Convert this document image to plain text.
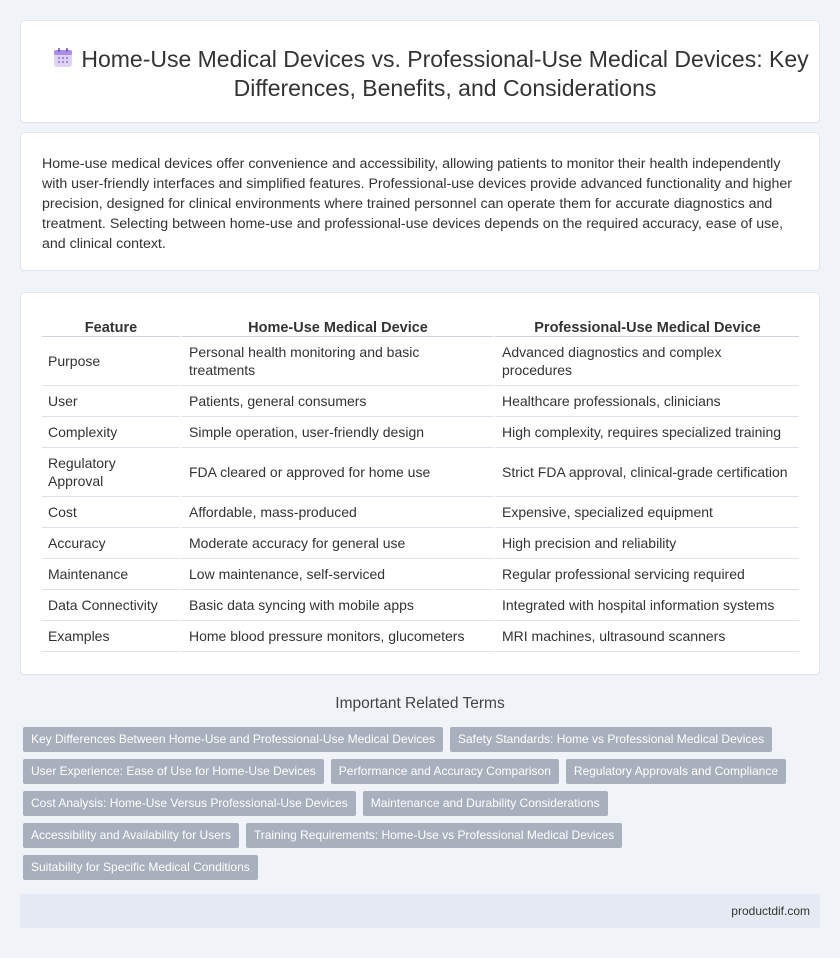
Home-Use Medical Devices vs. Professional-Use Medical Devices: Key Differences, Benefits, and Considerations

Home-use medical devices offer convenience and accessibility, allowing patients to monitor their health independently with user-friendly interfaces and simplified features. Professional-use devices provide advanced functionality and higher precision, designed for clinical environments where trained personnel can operate them for accurate diagnostics and treatment. Selecting between home-use and professional-use devices depends on the required accuracy, ease of use, and clinical context.

Feature	Home-Use Medical Device	Professional-Use Medical Device
Purpose	Personal health monitoring and basic treatments	Advanced diagnostics and complex procedures
User	Patients, general consumers	Healthcare professionals, clinicians
Complexity	Simple operation, user-friendly design	High complexity, requires specialized training
Regulatory Approval	FDA cleared or approved for home use	Strict FDA approval, clinical-grade certification
Cost	Affordable, mass-produced	Expensive, specialized equipment
Accuracy	Moderate accuracy for general use	High precision and reliability
Maintenance	Low maintenance, self-serviced	Regular professional servicing required
Data Connectivity	Basic data syncing with mobile apps	Integrated with hospital information systems
Examples	Home blood pressure monitors, glucometers	MRI machines, ultrasound scanners
Important Related Terms
Key Differences Between Home-Use and Professional-Use Medical Devices	Safety Standards: Home vs Professional Medical Devices
User Experience: Ease of Use for Home-Use Devices	Performance and Accuracy Comparison	Regulatory Approvals and Compliance
Cost Analysis: Home-Use Versus Professional-Use Devices	Maintenance and Durability Considerations
Accessibility and Availability for Users	Training Requirements: Home-Use vs Professional Medical Devices
Suitability for Specific Medical Conditions
productdif.com
